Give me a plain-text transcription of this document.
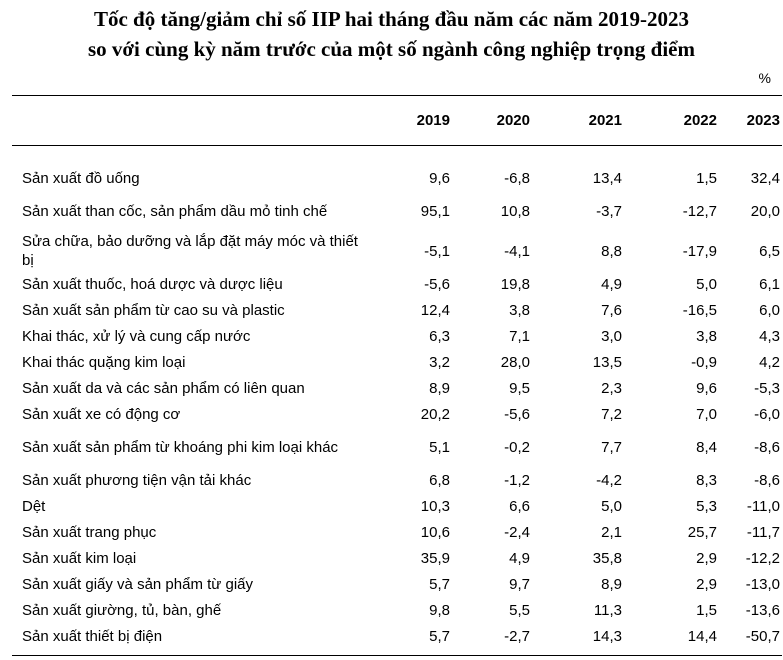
Tốc độ tăng/giảm chỉ số IIP hai tháng đầu năm các năm 2019-2023
so với cùng kỳ năm trước của một số ngành công nghiệp trọng điểm
%
	2019	2020	2021	2022	2023
Sản xuất đồ uống	9,6	-6,8	13,4	1,5	32,4
Sản xuất than cốc, sản phẩm dầu mỏ tinh chế	95,1	10,8	-3,7	-12,7	20,0
Sửa chữa, bảo dưỡng và lắp đặt máy móc và thiết bị	-5,1	-4,1	8,8	-17,9	6,5
Sản xuất thuốc, hoá dược và dược liệu	-5,6	19,8	4,9	5,0	6,1
Sản xuất sản phẩm từ cao su và plastic	12,4	3,8	7,6	-16,5	6,0
Khai thác, xử lý và cung cấp nước	6,3	7,1	3,0	3,8	4,3
Khai thác quặng kim loại	3,2	28,0	13,5	-0,9	4,2
Sản xuất da và các sản phẩm có liên quan	8,9	9,5	2,3	9,6	-5,3
Sản xuất xe có động cơ	20,2	-5,6	7,2	7,0	-6,0
Sản xuất sản phẩm từ khoáng phi kim loại khác	5,1	-0,2	7,7	8,4	-8,6
Sản xuất phương tiện vận tải khác	6,8	-1,2	-4,2	8,3	-8,6
Dệt	10,3	6,6	5,0	5,3	-11,0
Sản xuất trang phục	10,6	-2,4	2,1	25,7	-11,7
Sản xuất kim loại	35,9	4,9	35,8	2,9	-12,2
Sản xuất giấy và sản phẩm từ giấy	5,7	9,7	8,9	2,9	-13,0
Sản xuất giường, tủ, bàn, ghế	9,8	5,5	11,3	1,5	-13,6
Sản xuất thiết bị điện	5,7	-2,7	14,3	14,4	-50,7
